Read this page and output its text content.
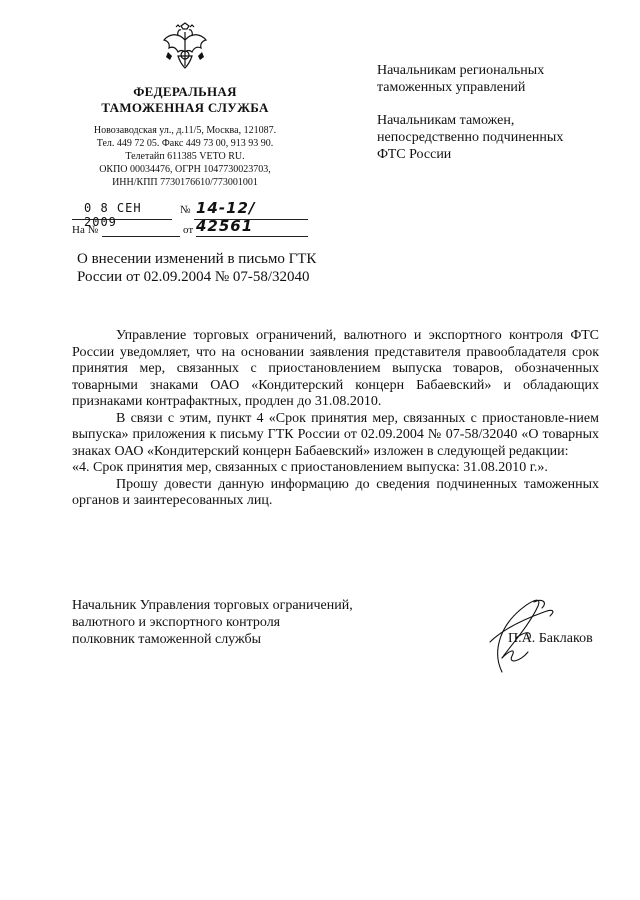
ФЕДЕРАЛЬНАЯ
ТАМОЖЕННАЯ СЛУЖБА
Новозаводская ул., д.11/5, Москва, 121087.
Тел. 449 72 05. Факс 449 73 00, 913 93 90.
Телетайп 611385 VETO RU.
ОКПО 00034476, ОГРН 1047730023703,
ИНН/КПП 7730176610/773001001
0 8 СЕН 2009
№ 14-12/ 42561
На №	от
Начальникам региональных
таможенных управлений
Начальникам таможен,
непосредственно подчиненных
ФТС России
О внесении изменений в письмо ГТК
России от 02.09.2004 № 07-58/32040

Управление торговых ограничений, валютного и экспортного контроля ФТС России уведомляет, что на основании заявления представителя правообладателя срок принятия мер, связанных с приостановлением выпуска товаров, обозначенных товарными знаками ОАО «Кондитерский концерн Бабаевский» и обладающих признаками контрафактных, продлен до 31.08.2010.

В связи с этим, пункт 4 «Срок принятия мер, связанных с приостановле-нием выпуска» приложения к письму ГТК России от 02.09.2004 № 07-58/32040 «О товарных знаках ОАО «Кондитерский концерн Бабаевский» изложен в следующей редакции:

«4. Срок принятия мер, связанных с приостановлением выпуска: 31.08.2010 г.».

Прошу довести данную информацию до сведения подчиненных таможенных органов и заинтересованных лиц.

Начальник Управления торговых ограничений,
валютного и экспортного контроля
полковник таможенной службы	П.А. Баклаков
